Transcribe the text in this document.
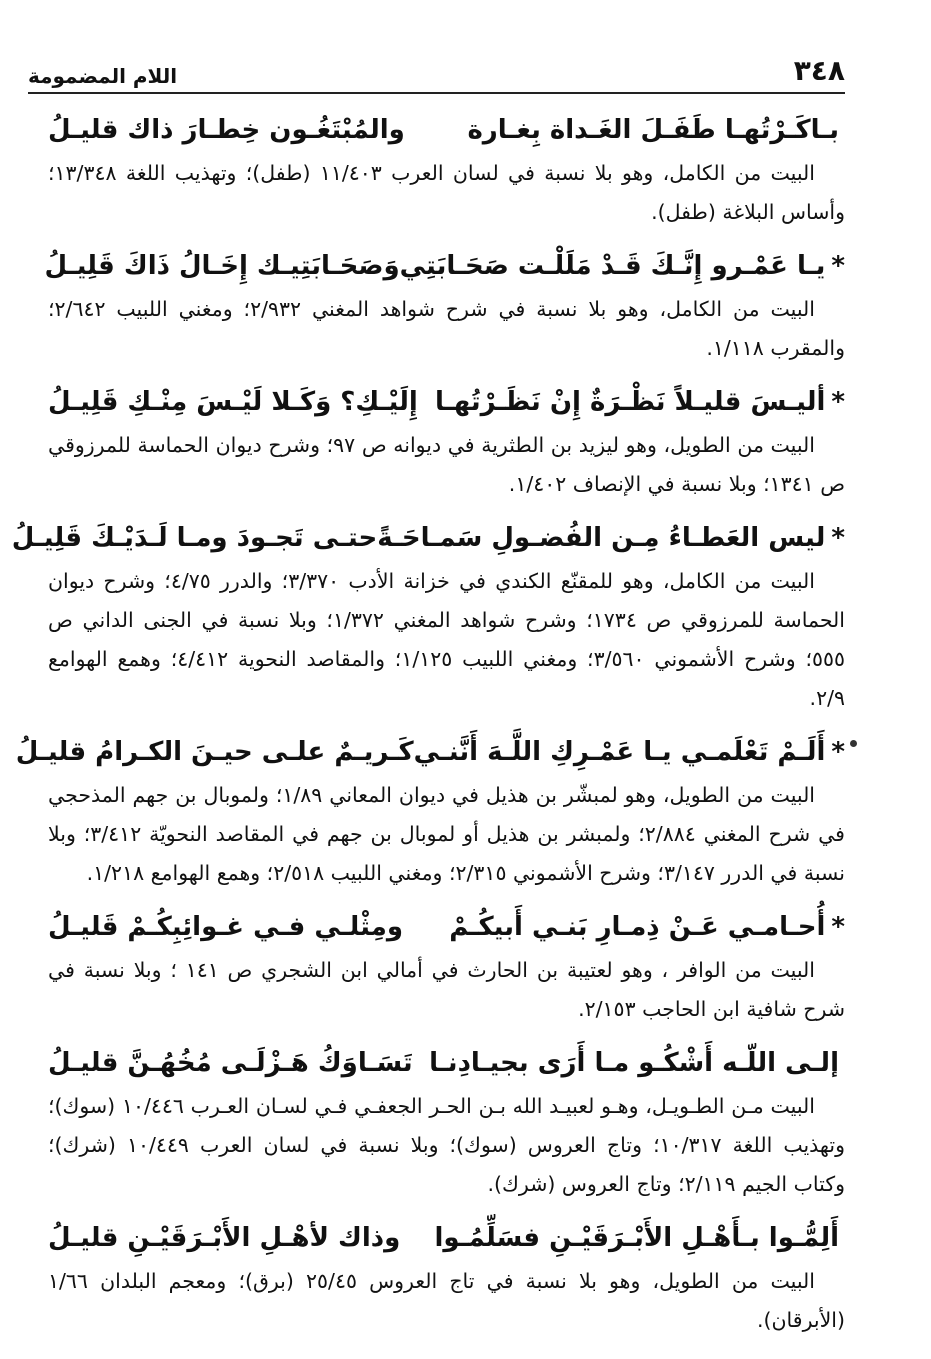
٣٤٨
اللام المضمومة
بـاكَـرْتُهـا طَفَـلَ الغَـداة بِغـارة
والمُبْتَغُـون خِطـارَ ذاك قليـلُ
البيت من الكامل، وهو بلا نسبة في لسان العرب ١١/٤٠٣ (طفل)؛ وتهذيب اللغة ١٣/٣٤٨؛ وأساس البلاغة (طفل).
*يـا عَمْـرو إِنَّـكَ قَـدْ مَلَلْـت صَحَـابَتِي
وَصَحَـابَتِيـك إِخَـالُ ذَاكَ قَلِيـلُ
البيت من الكامل، وهو بلا نسبة في شرح شواهد المغني ٢/٩٣٢؛ ومغني اللبيب ٢/٦٤٢؛ والمقرب ١/١١٨.
*أليـسَ قليـلاً نَظْـرَةٌ إِنْ نَظَـرْتُهـا
إِلَيْـكِ؟ وَكَـلا لَيْـسَ مِنْـكِ قَلِيـلُ
البيت من الطويل، وهو ليزيد بن الطثرية في ديوانه ص ٩٧؛ وشرح ديوان الحماسة للمرزوقي ص ١٣٤١؛ وبلا نسبة في الإنصاف ١/٤٠٢.
*ليس العَطـاءُ مِـن الفُضـولِ سَمـاحَـةً
حتـى تَجـودَ ومـا لَـدَيْـكَ قَلِيـلُ
البيت من الكامل، وهو للمقنّع الكندي في خزانة الأدب ٣/٣٧٠؛ والدرر ٤/٧٥؛ وشرح ديوان الحماسة للمرزوقي ص ١٧٣٤؛ وشرح شواهد المغني ١/٣٧٢؛ وبلا نسبة في الجنى الداني ص ٥٥٥؛ وشرح الأشموني ٣/٥٦٠؛ ومغني اللبيب ١/١٢٥؛ والمقاصد النحوية ٤/٤١٢؛ وهمع الهوامع ٢/٩.
*أَلَـمْ تَعْلَمـي يـا عَمْـرِكِ اللَّـهَ أَنَّنـي
كَـريـمٌ علـى حيـنَ الكـرامُ قليـلُ
البيت من الطويل، وهو لمبشّر بن هذيل في ديوان المعاني ١/٨٩؛ ولموبال بن جهم المذحجي في شرح المغني ٢/٨٨٤؛ ولمبشر بن هذيل أو لموبال بن جهم في المقاصد النحويّة ٣/٤١٢؛ وبلا نسبة في الدرر ٣/١٤٧؛ وشرح الأشموني ٢/٣١٥؛ ومغني اللبيب ٢/٥١٨؛ وهمع الهوامع ١/٢١٨.
*أُحـامـي عَـنْ ذِمـارِ بَنـي أَبيكُـمْ
ومِثْلـي فـي غـوائِبِكُـمْ قَليـلُ
البيت من الوافر ، وهو لعتيبة بن الحارث في أمالي ابن الشجري ص ١٤١ ؛ وبلا نسبة في شرح شافية ابن الحاجب ٢/١٥٣.
إلـى اللّـه أَشْكُـو مـا أَرَى بجيـادِنـا
تَسَـاوَكُ هَـزْلَـى مُخُهُـنَّ قليـلُ
البيت مـن الطـويـل، وهـو لعبيـد الله بـن الحـر الجعفـي فـي لسـان العـرب ١٠/٤٤٦ (سوك)؛ وتهذيب اللغة ١٠/٣١٧؛ وتاج العروس (سوك)؛ وبلا نسبة في لسان العرب ١٠/٤٤٩ (شرك)؛ وكتاب الجيم ٢/١١٩؛ وتاج العروس (شرك).
أَلِمُّـوا بـأَهْـلِ الأَبْـرَقَيْـنِ فسَلِّمُـوا
وذاك لأهْـلِ الأَبْـرَقَيْـنِ قليـلُ
البيت من الطويل، وهو بلا نسبة في تاج العروس ٢٥/٤٥ (برق)؛ ومعجم البلدان ١/٦٦ (الأبرقان).
